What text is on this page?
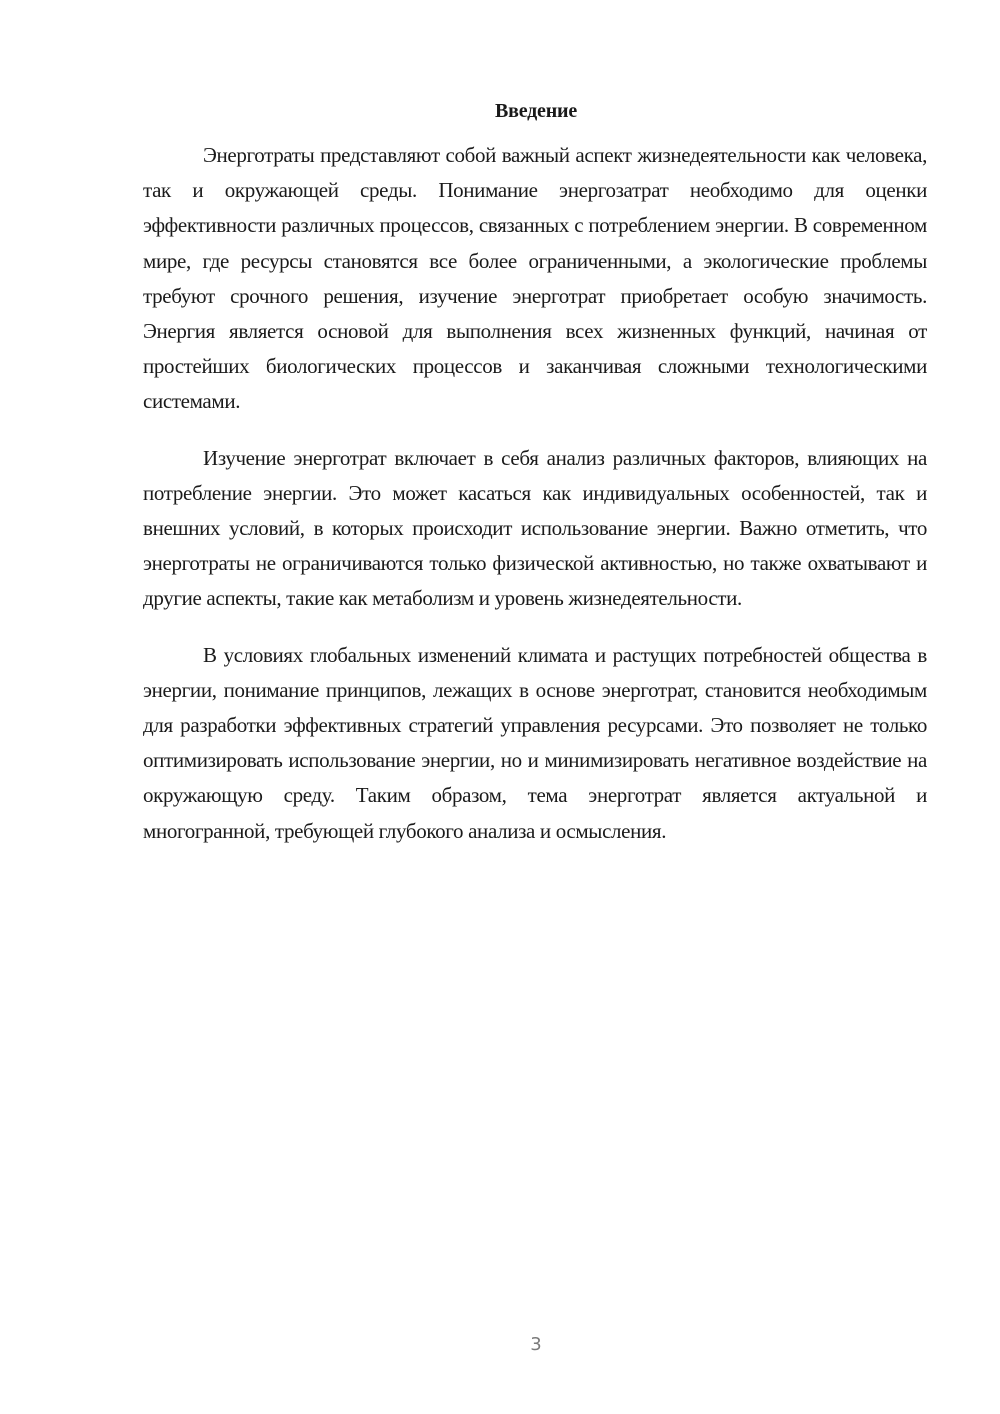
Введение

Энерготраты представляют собой важный аспект жизнедеятельности как человека, так и окружающей среды. Понимание энергозатрат необходимо для оценки эффективности различных процессов, связанных с потреблением энергии. В современном мире, где ресурсы становятся все более ограниченными, а экологические проблемы требуют срочного решения, изучение энерготрат приобретает особую значимость. Энергия является основой для выполнения всех жизненных функций, начиная от простейших биологических процессов и заканчивая сложными технологическими системами.

Изучение энерготрат включает в себя анализ различных факторов, влияющих на потребление энергии. Это может касаться как индивидуальных особенностей, так и внешних условий, в которых происходит использование энергии. Важно отметить, что энерготраты не ограничиваются только физической активностью, но также охватывают и другие аспекты, такие как метаболизм и уровень жизнедеятельности.

В условиях глобальных изменений климата и растущих потребностей общества в энергии, понимание принципов, лежащих в основе энерготрат, становится необходимым для разработки эффективных стратегий управления ресурсами. Это позволяет не только оптимизировать использование энергии, но и минимизировать негативное воздействие на окружающую среду. Таким образом, тема энерготрат является актуальной и многогранной, требующей глубокого анализа и осмысления.

3
